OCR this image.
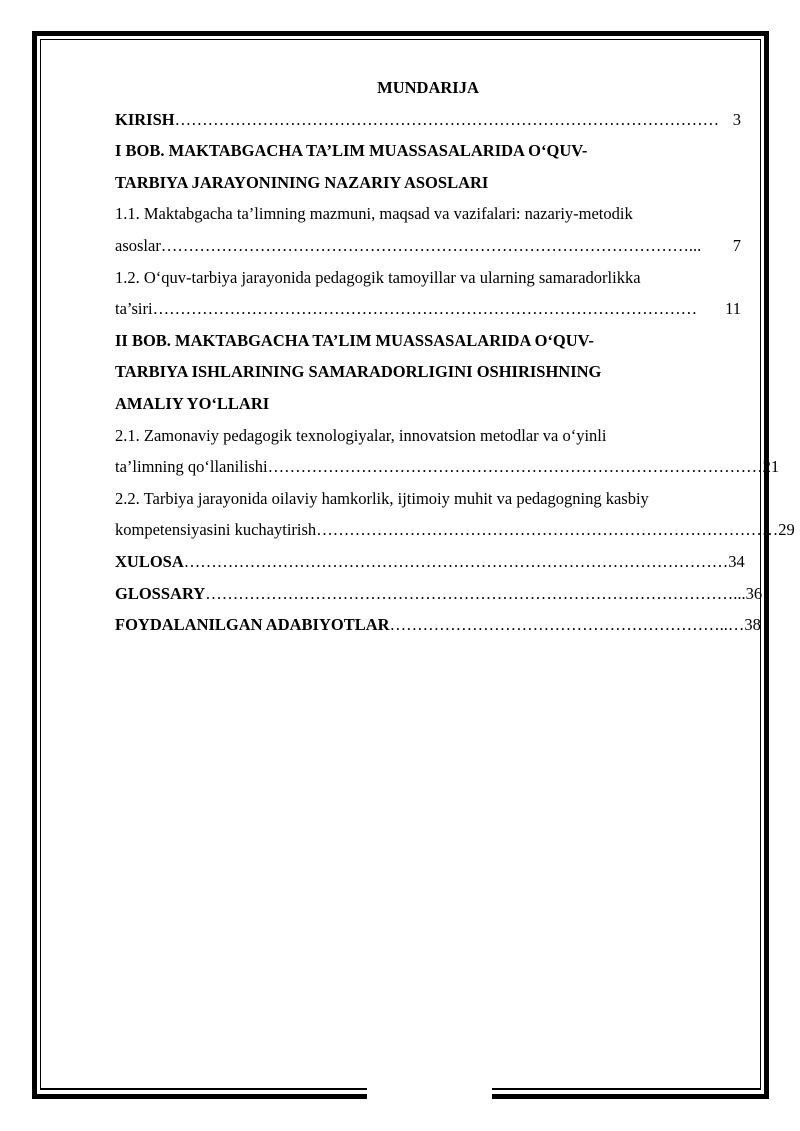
MUNDARIJA
KIRISH ……………………………………………………………………………………… 3
I BOB. MAKTABGACHA TA’LIM MUASSASALARIDA O‘QUV-
TARBIYA JARAYONINING NAZARIY ASOSLARI
1.1. Maktabgacha ta’limning mazmuni, maqsad va vazifalari: nazariy-metodik
asoslar ……………………………………………………………………………………...	7
1.2. O‘quv-tarbiya jarayonida pedagogik tamoyillar va ularning samaradorlikka
ta’siri ………………………………………………………………………………………	11
II BOB. MAKTABGACHA TA’LIM MUASSASALARIDA O‘QUV-
TARBIYA ISHLARINING SAMARADORLIGINI OSHIRISHNING
AMALIY YO‘LLARI
2.1. Zamonaviy pedagogik texnologiyalar, innovatsion metodlar va o‘yinli
ta’limning qo‘llanilishi ……………………………………………………………………………… 21
2.2. Tarbiya jarayonida oilaviy hamkorlik, ijtimoiy muhit va pedagogning kasbiy
kompetensiyasini kuchaytirish ………………………………………………………………………… 29
XULOSA ……………………………………………………………………………………… 34
GLOSSARY ……………………………………………………………………………………... 36
FOYDALANILGAN ADABIYOTLAR ……………………………………………………..… 38
